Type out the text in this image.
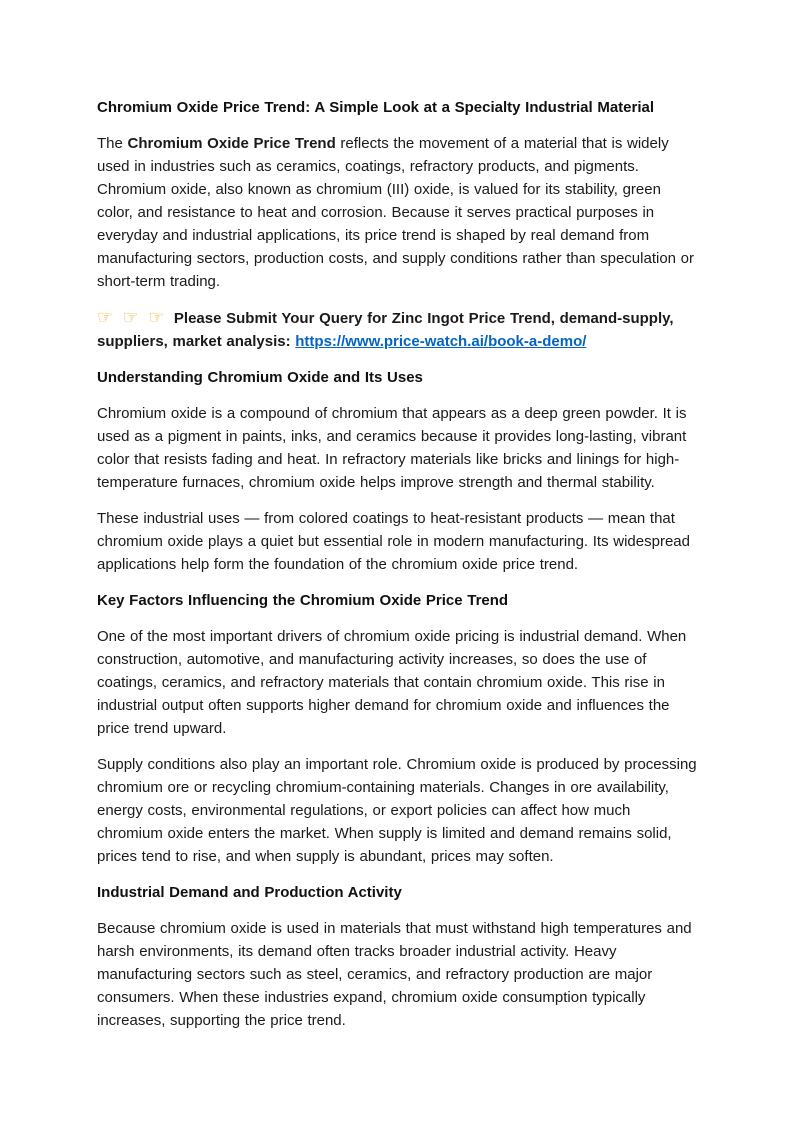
Chromium Oxide Price Trend: A Simple Look at a Specialty Industrial Material

The Chromium Oxide Price Trend reflects the movement of a material that is widely used in industries such as ceramics, coatings, refractory products, and pigments. Chromium oxide, also known as chromium (III) oxide, is valued for its stability, green color, and resistance to heat and corrosion. Because it serves practical purposes in everyday and industrial applications, its price trend is shaped by real demand from manufacturing sectors, production costs, and supply conditions rather than speculation or short-term trading.

☞ ☞ ☞ Please Submit Your Query for Zinc Ingot Price Trend, demand-supply, suppliers, market analysis: https://www.price-watch.ai/book-a-demo/

Understanding Chromium Oxide and Its Uses

Chromium oxide is a compound of chromium that appears as a deep green powder. It is used as a pigment in paints, inks, and ceramics because it provides long-lasting, vibrant color that resists fading and heat. In refractory materials like bricks and linings for high-temperature furnaces, chromium oxide helps improve strength and thermal stability.

These industrial uses — from colored coatings to heat-resistant products — mean that chromium oxide plays a quiet but essential role in modern manufacturing. Its widespread applications help form the foundation of the chromium oxide price trend.

Key Factors Influencing the Chromium Oxide Price Trend

One of the most important drivers of chromium oxide pricing is industrial demand. When construction, automotive, and manufacturing activity increases, so does the use of coatings, ceramics, and refractory materials that contain chromium oxide. This rise in industrial output often supports higher demand for chromium oxide and influences the price trend upward.

Supply conditions also play an important role. Chromium oxide is produced by processing chromium ore or recycling chromium-containing materials. Changes in ore availability, energy costs, environmental regulations, or export policies can affect how much chromium oxide enters the market. When supply is limited and demand remains solid, prices tend to rise, and when supply is abundant, prices may soften.

Industrial Demand and Production Activity

Because chromium oxide is used in materials that must withstand high temperatures and harsh environments, its demand often tracks broader industrial activity. Heavy manufacturing sectors such as steel, ceramics, and refractory production are major consumers. When these industries expand, chromium oxide consumption typically increases, supporting the price trend.
